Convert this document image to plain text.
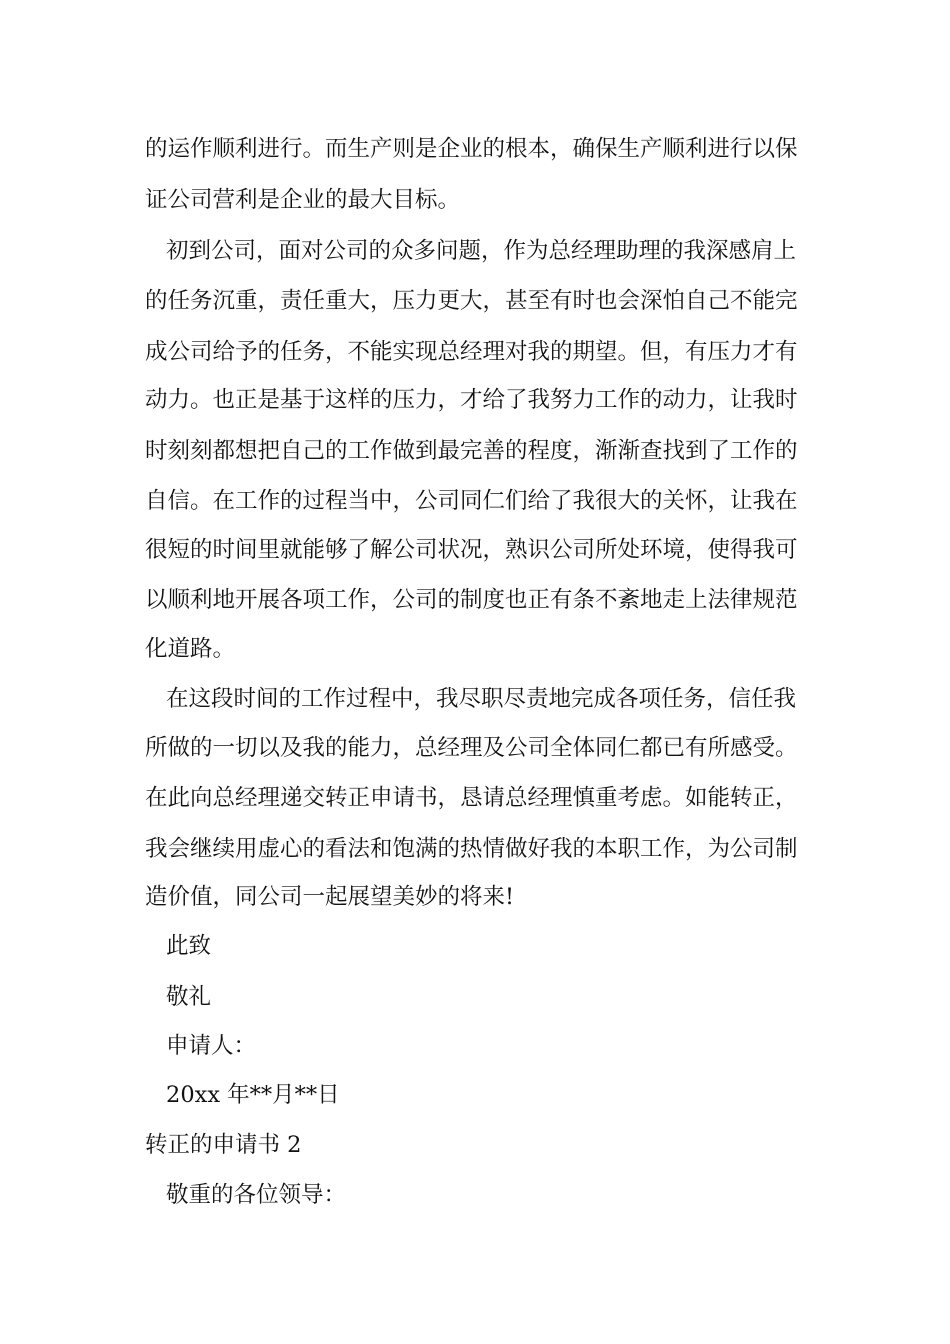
的运作顺利进行。而生产则是企业的根本，确保生产顺利进行以保
证公司营利是企业的最大目标。
初到公司，面对公司的众多问题，作为总经理助理的我深感肩上
的任务沉重，责任重大，压力更大，甚至有时也会深怕自己不能完
成公司给予的任务，不能实现总经理对我的期望。但，有压力才有
动力。也正是基于这样的压力，才给了我努力工作的动力，让我时
时刻刻都想把自己的工作做到最完善的程度，渐渐查找到了工作的
自信。在工作的过程当中，公司同仁们给了我很大的关怀，让我在
很短的时间里就能够了解公司状况，熟识公司所处环境，使得我可
以顺利地开展各项工作，公司的制度也正有条不紊地走上法律规范
化道路。
在这段时间的工作过程中，我尽职尽责地完成各项任务，信任我
所做的一切以及我的能力，总经理及公司全体同仁都已有所感受。
在此向总经理递交转正申请书，恳请总经理慎重考虑。如能转正，
我会继续用虚心的看法和饱满的热情做好我的本职工作，为公司制
造价值，同公司一起展望美妙的将来!
此致
敬礼
申请人：
20xx 年**月**日
转正的申请书 2
敬重的各位领导：
